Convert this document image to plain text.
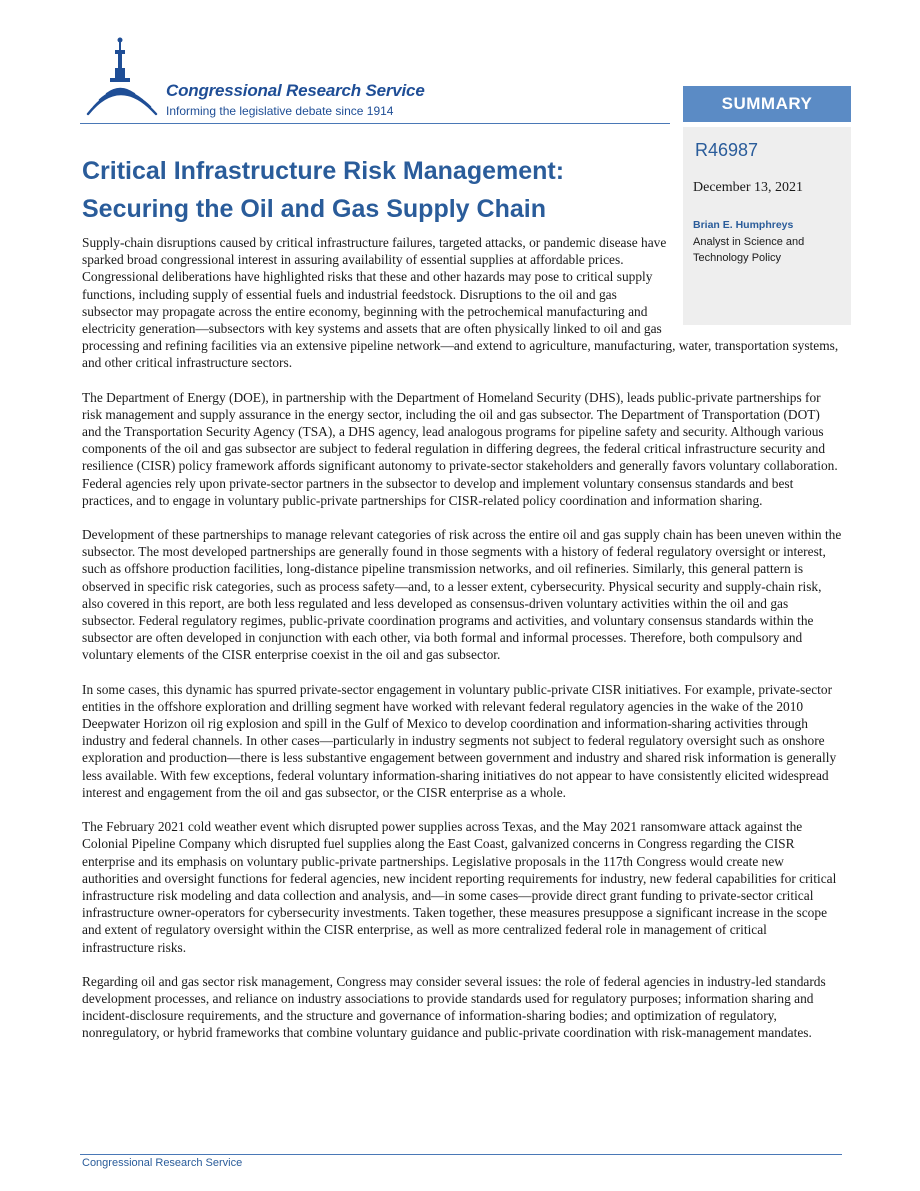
Congressional Research Service
Informing the legislative debate since 1914	SUMMARY
R46987
December 13, 2021
Brian E. Humphreys
Analyst in Science and Technology Policy
Critical Infrastructure Risk Management:
Securing the Oil and Gas Supply Chain

Supply-chain disruptions caused by critical infrastructure failures, targeted attacks, or pandemic disease have sparked broad congressional interest in assuring availability of essential supplies at affordable prices. Congressional deliberations have highlighted risks that these and other hazards may pose to critical supply functions, including supply of essential fuels and industrial feedstock. Disruptions to the oil and gas subsector may propagate across the entire economy, beginning with the petrochemical manufacturing and electricity generation—subsectors with key systems and assets that are often physically linked to oil and gas processing and refining facilities via an extensive pipeline network—and extend to agriculture, manufacturing, water, transportation systems, and other critical infrastructure sectors.

The Department of Energy (DOE), in partnership with the Department of Homeland Security (DHS), leads public-private partnerships for risk management and supply assurance in the energy sector, including the oil and gas subsector. The Department of Transportation (DOT) and the Transportation Security Agency (TSA), a DHS agency, lead analogous programs for pipeline safety and security. Although various components of the oil and gas subsector are subject to federal regulation in differing degrees, the federal critical infrastructure security and resilience (CISR) policy framework affords significant autonomy to private-sector stakeholders and generally favors voluntary collaboration. Federal agencies rely upon private-sector partners in the subsector to develop and implement voluntary consensus standards and best practices, and to engage in voluntary public-private partnerships for CISR-related policy coordination and information sharing.

Development of these partnerships to manage relevant categories of risk across the entire oil and gas supply chain has been uneven within the subsector. The most developed partnerships are generally found in those segments with a history of federal regulatory oversight or interest, such as offshore production facilities, long-distance pipeline transmission networks, and oil refineries. Similarly, this general pattern is observed in specific risk categories, such as process safety—and, to a lesser extent, cybersecurity. Physical security and supply-chain risk, also covered in this report, are both less regulated and less developed as consensus-driven voluntary activities within the oil and gas subsector. Federal regulatory regimes, public-private coordination programs and activities, and voluntary consensus standards within the subsector are often developed in conjunction with each other, via both formal and informal processes. Therefore, both compulsory and voluntary elements of the CISR enterprise coexist in the oil and gas subsector.

In some cases, this dynamic has spurred private-sector engagement in voluntary public-private CISR initiatives. For example, private-sector entities in the offshore exploration and drilling segment have worked with relevant federal regulatory agencies in the wake of the 2010 Deepwater Horizon oil rig explosion and spill in the Gulf of Mexico to develop coordination and information-sharing activities through industry and federal channels. In other cases—particularly in industry segments not subject to federal regulatory oversight such as onshore exploration and production—there is less substantive engagement between government and industry and shared risk information is generally less available. With few exceptions, federal voluntary information-sharing initiatives do not appear to have consistently elicited widespread interest and engagement from the oil and gas subsector, or the CISR enterprise as a whole.

The February 2021 cold weather event which disrupted power supplies across Texas, and the May 2021 ransomware attack against the Colonial Pipeline Company which disrupted fuel supplies along the East Coast, galvanized concerns in Congress regarding the CISR enterprise and its emphasis on voluntary public-private partnerships. Legislative proposals in the 117th Congress would create new authorities and oversight functions for federal agencies, new incident reporting requirements for industry, new federal capabilities for critical infrastructure risk modeling and data collection and analysis, and—in some cases—provide direct grant funding to private-sector critical infrastructure owner-operators for cybersecurity investments. Taken together, these measures presuppose a significant increase in the scope and extent of regulatory oversight within the CISR enterprise, as well as more centralized federal role in management of critical infrastructure risks.

Regarding oil and gas sector risk management, Congress may consider several issues: the role of federal agencies in industry-led standards development processes, and reliance on industry associations to provide standards used for regulatory purposes; information sharing and incident-disclosure requirements, and the structure and governance of information-sharing bodies; and optimization of regulatory, nonregulatory, or hybrid frameworks that combine voluntary guidance and public-private coordination with risk-management mandates.

Congressional Research Service
